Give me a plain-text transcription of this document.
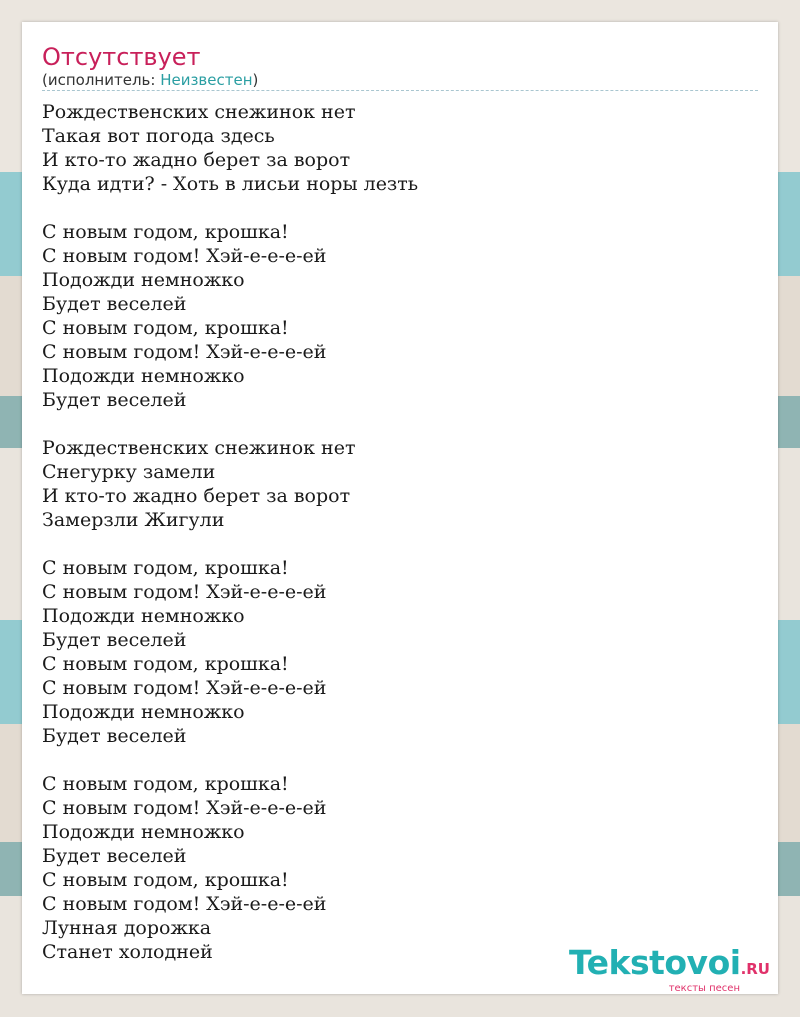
Отсутствует
(исполнитель: Неизвестен)
Рождественских снежинок нет
Такая вот погода здесь
И кто-то жадно берет за ворот
Куда идти? - Хоть в лисьи норы лезть
С новым годом, крошка!
С новым годом! Хэй-е-е-е-ей
Подожди немножко
Будет веселей
С новым годом, крошка!
С новым годом! Хэй-е-е-е-ей
Подожди немножко
Будет веселей
Рождественских снежинок нет
Снегурку замели
И кто-то жадно берет за ворот
Замерзли Жигули
С новым годом, крошка!
С новым годом! Хэй-е-е-е-ей
Подожди немножко
Будет веселей
С новым годом, крошка!
С новым годом! Хэй-е-е-е-ей
Подожди немножко
Будет веселей
С новым годом, крошка!
С новым годом! Хэй-е-е-е-ей
Подожди немножко
Будет веселей
С новым годом, крошка!
С новым годом! Хэй-е-е-е-ей
Лунная дорожка
Станет холодней	Tekstovoi.RU
тексты песен
